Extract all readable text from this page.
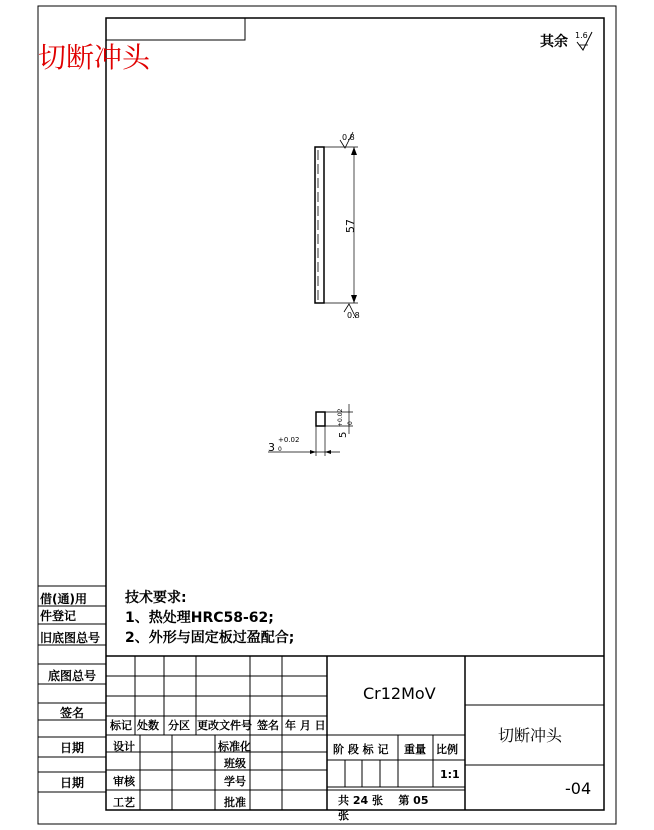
0.8
0.8
57
5
+0.02 0
3
+0.02
0
1.6
切断冲头	其余
技术要求:
1、热处理HRC58-62;
2、外形与固定板过盈配合;
借(通)用
件登记
旧底图总号
底图总号
签名
日期
日期
标记 处数 分区 更改文件号 签名 年 月 日
设计
审核
工艺
标准化
班级
学号
批准
Cr12MoV
阶 段 标 记 重量 比例
1:1
共 24 张 第 05
张
切断冲头
-04
